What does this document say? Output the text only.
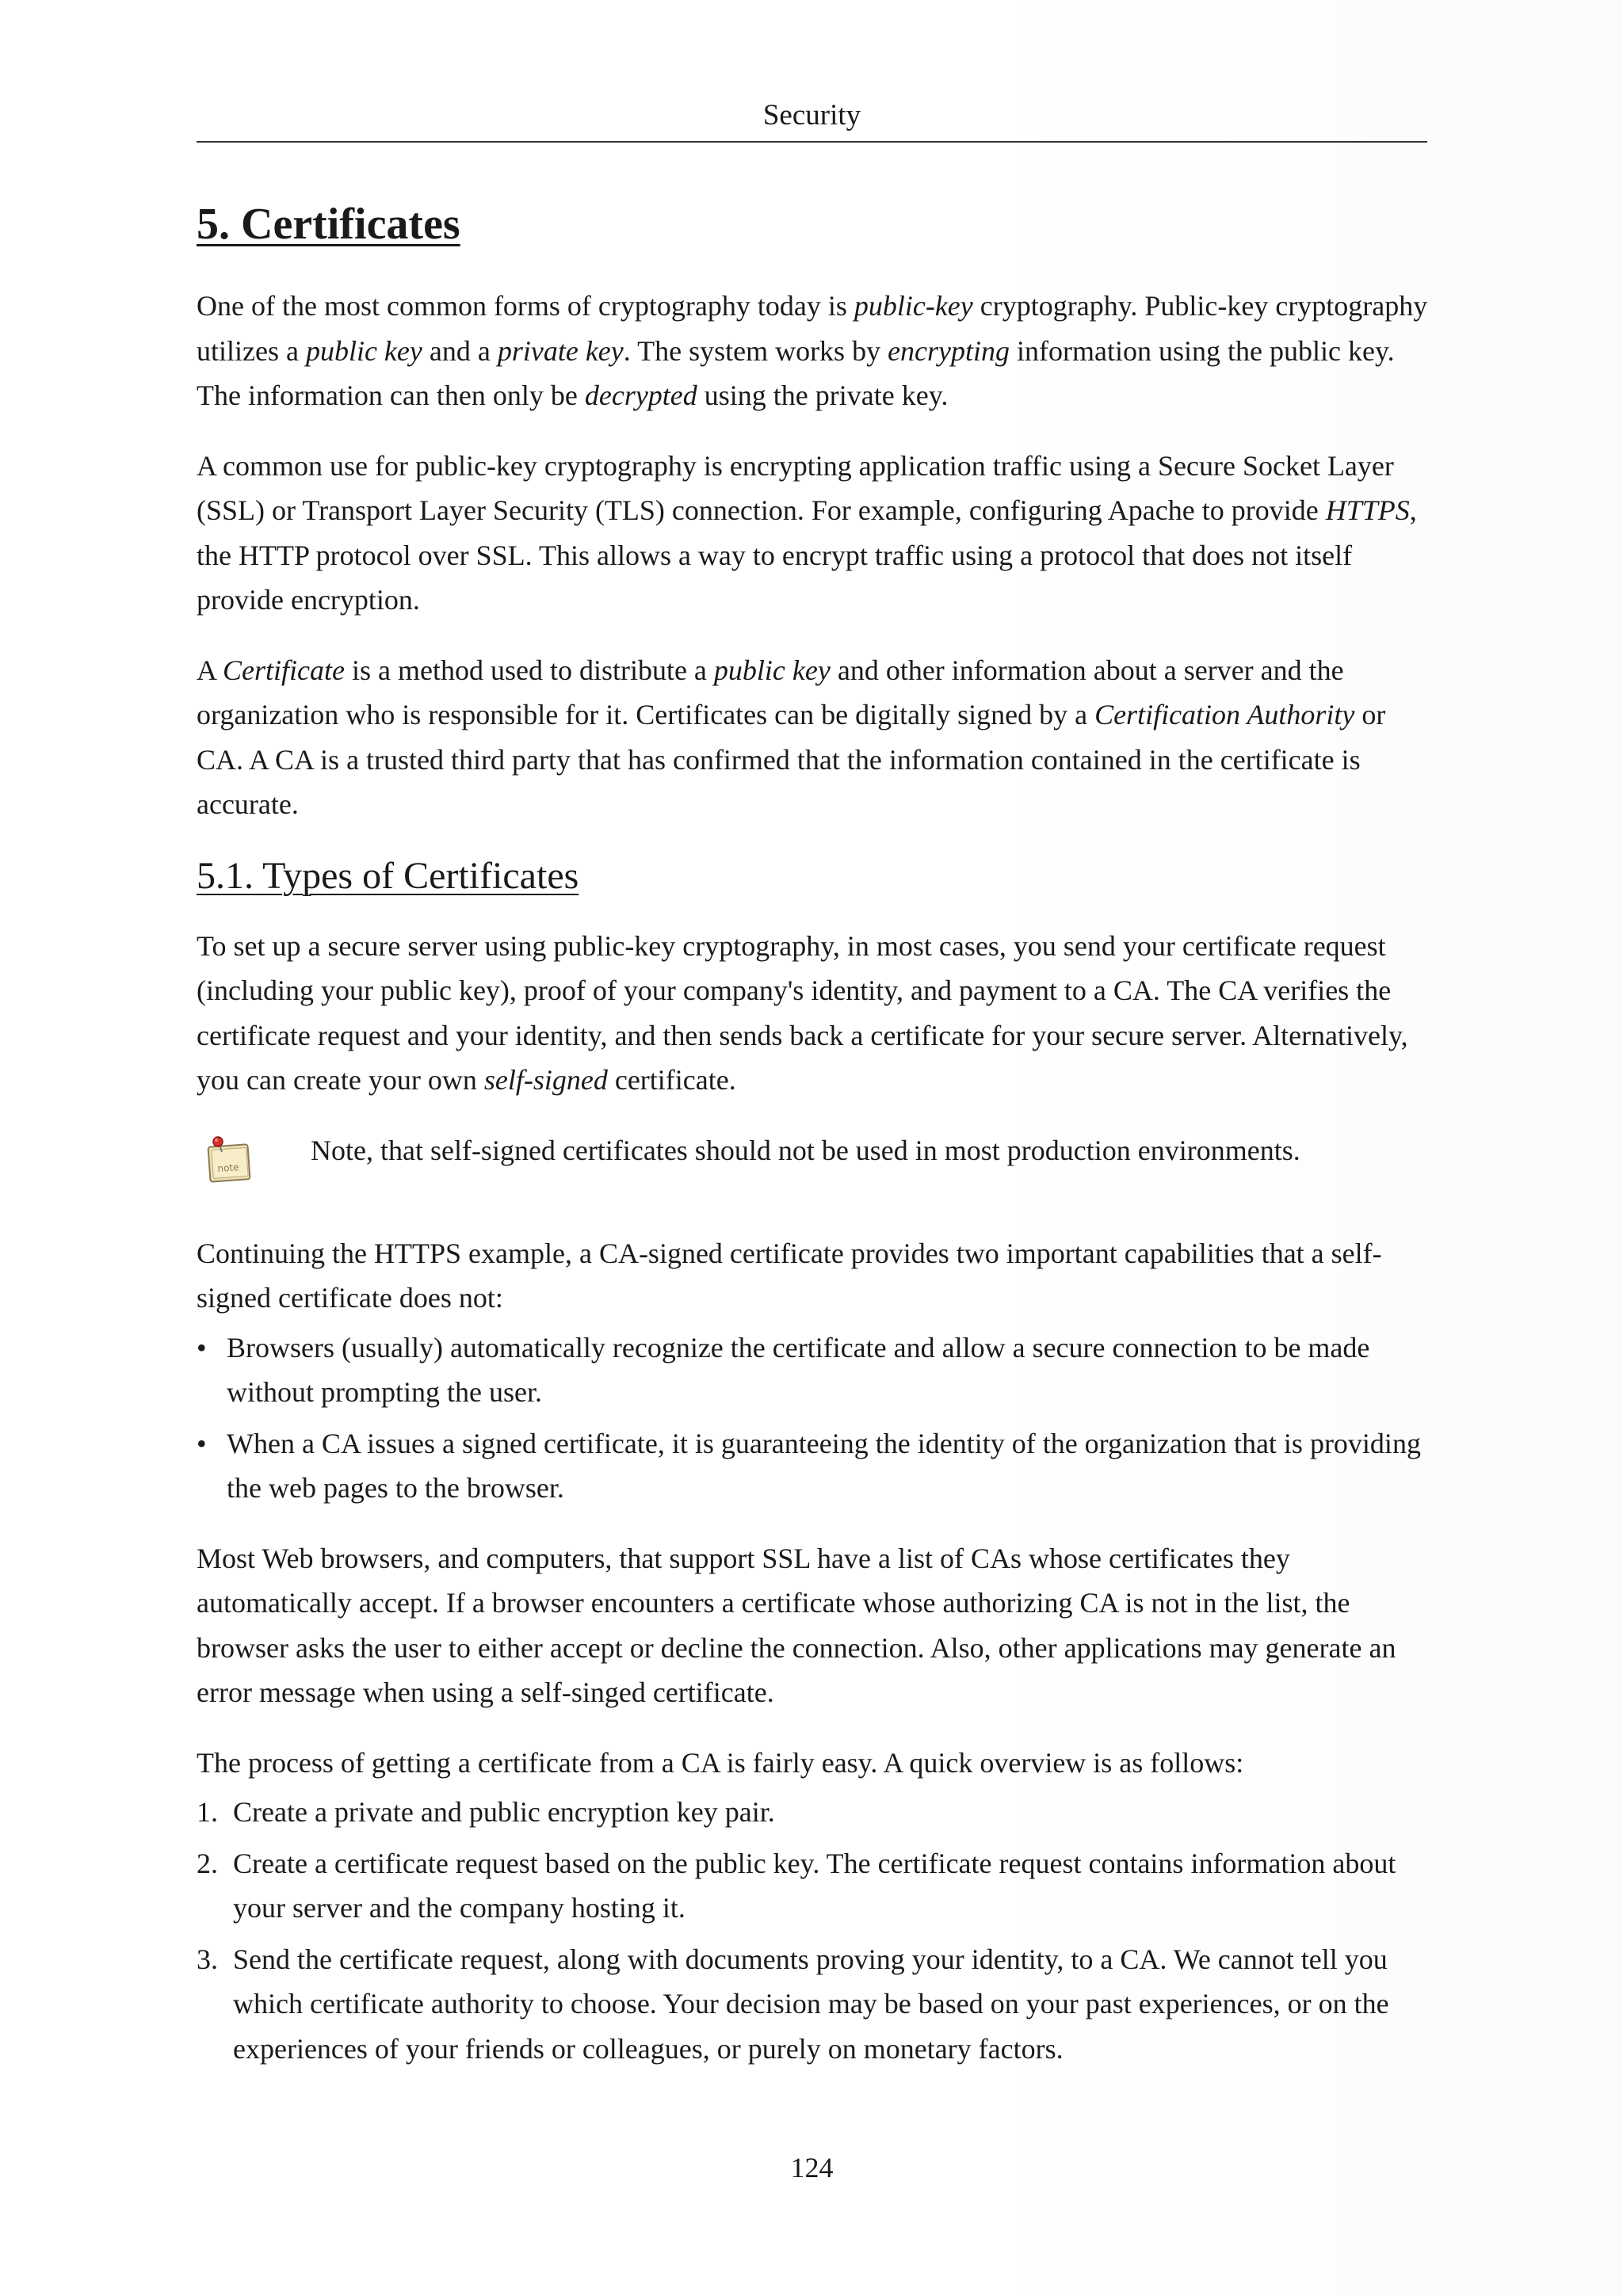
Security
5. Certificates

One of the most common forms of cryptography today is public-key cryptography. Public-key cryptography utilizes a public key and a private key. The system works by encrypting information using the public key. The information can then only be decrypted using the private key.

A common use for public-key cryptography is encrypting application traffic using a Secure Socket Layer (SSL) or Transport Layer Security (TLS) connection. For example, configuring Apache to provide HTTPS, the HTTP protocol over SSL. This allows a way to encrypt traffic using a protocol that does not itself provide encryption.

A Certificate is a method used to distribute a public key and other information about a server and the organization who is responsible for it. Certificates can be digitally signed by a Certification Authority or CA. A CA is a trusted third party that has confirmed that the information contained in the certificate is accurate.

5.1. Types of Certificates

To set up a secure server using public-key cryptography, in most cases, you send your certificate request (including your public key), proof of your company's identity, and payment to a CA. The CA verifies the certificate request and your identity, and then sends back a certificate for your secure server. Alternatively, you can create your own self-signed certificate.

note
Note, that self-signed certificates should not be used in most production environments.

Continuing the HTTPS example, a CA-signed certificate provides two important capabilities that a self-signed certificate does not:

• Browsers (usually) automatically recognize the certificate and allow a secure connection to be made without prompting the user.
• When a CA issues a signed certificate, it is guaranteeing the identity of the organization that is providing the web pages to the browser.

Most Web browsers, and computers, that support SSL have a list of CAs whose certificates they automatically accept. If a browser encounters a certificate whose authorizing CA is not in the list, the browser asks the user to either accept or decline the connection. Also, other applications may generate an error message when using a self-singed certificate.

The process of getting a certificate from a CA is fairly easy. A quick overview is as follows:

1. Create a private and public encryption key pair.
2. Create a certificate request based on the public key. The certificate request contains information about your server and the company hosting it.
3. Send the certificate request, along with documents proving your identity, to a CA. We cannot tell you which certificate authority to choose. Your decision may be based on your past experiences, or on the experiences of your friends or colleagues, or purely on monetary factors.
124
